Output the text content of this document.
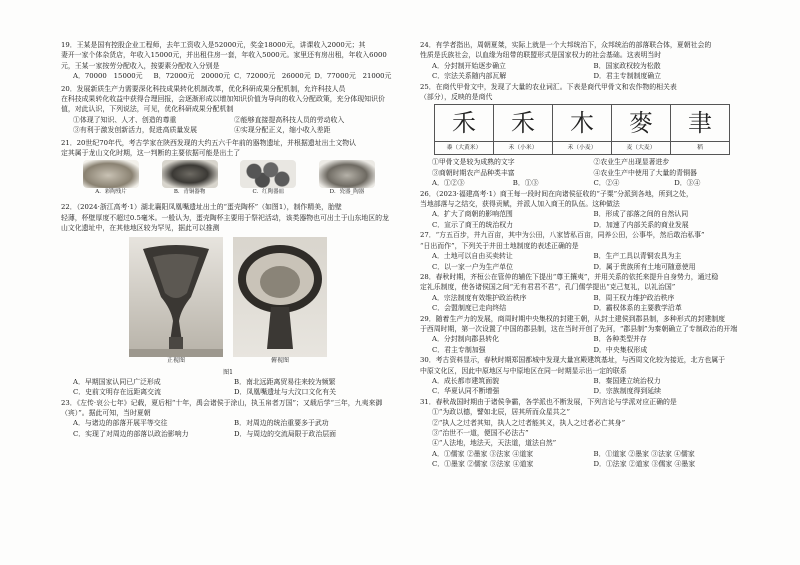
19．王某是国有控股企业工程师，去年工资收入是52000元，奖金18000元，讲课收入2000元；其

妻开一家个体杂货店，年收入15000元，并出租住房一套，年收入5000元。家里还有房出租，年收入6000元，王某一家按劳分配收入，按要素分配收入分别是

A．70000　15000元	B．72000元　20000元 C．72000元　26000元 D．77000元　21000元

20．发展新质生产力需要深化科技成果转化机制改革，优化科研成果分配机制，允许科技人员

在科技成果转化收益中获得合理回报，会逐渐形成以增加知识价值为导向的收入分配政策，充分体现知识价值，对此认识，下列说法，可见，优化科研成果分配机制

①体现了知识、人才、创造的尊重	②能够直接提高科技人员的劳动收入
③有利于激发创新活力，促进高质量发展	④实现分配正义，缩小收入差距

21．20世纪70年代，考古学家在陕西发现的大约五六千年前的器物遗址，并根据遗址出土文物认

定其属于龙山文化时期，这一判断的主要依据可能是出土了

A．彩陶残片	B．青铜器物	C．红陶器皿	D．瓷器_陶器

22．（2024·浙江高考·1）湖北襄阳凤凰嘴遗址出土的“蛋壳陶杯”（如图1），制作精美，胎壁

轻薄，杯壁厚度不超过0.5毫米。一般认为，蛋壳陶杯主要用于祭祀活动，该类器物也可出土于山东地区的龙山文化遗址中，在其他地区较为罕见，据此可以推测

正视图	俯视图
图1
A．早期国家认同已广泛形成	B．南北远距离贸易往来较为频繁
C．史前文明存在远距离交流	D．凤凰嘴遗址与大汶口文化有关

23．《左传·哀公七年》记载，夏后相“十年，禹会诸侯于涂山，执玉帛者万国”；又载后学“三年，九夷来御

（宾）”。据此可知，当时夏朝

A．与诸边的部落开展平等交往	B．对周边的统治重要多于武功
C．实现了对周边的部落以政治影响力	D．与周边的交流局限于政治层面

24．有学者指出，周朝夏桀，实际上就是一个大邦统治下，众邦统治的部落联合体，夏朝社会的

性质是氏族社会，以血缘为纽带的联盟形式是国家权力的社会基础。这表明当时

A．分封制开始逐步确立	B．国家政权较为松散
C．宗法关系随内部瓦解	D．君主专制制度确立

25．在商代甲骨文中，发现了大量的农业词汇。下表是商代甲骨文和农作物的相关表

（部分），反映的是商代

⽲	⽲	⽊	⿆	⾀
黍（大黄米）	禾（小米）	禾（小麦）	麦（大麦）	稻
①甲骨文是较为成熟的文字	②农业生产出现显著进步
③商朝时期农产品种类丰富	④农业生产中使用了大量的青铜器
A．①②③	B．①③	C．②④	D．③④

26．（2023·福建高考·1）商王每一段时间在向诸侯征收的“子粟”分派到各地，所到之处，

当地部落与之结交，获得贡赋，并派人加入商王的队伍。这种做法

A．扩大了商朝的影响范围	B．形成了部落之间的自然认同
C．宣示了商王的统治权力	D．加速了内部关系的商业发展

27．“方五百步，井九百亩，其中为公田，八家皆私百亩，同养公田，公事毕，然后敢治私事”

“日出而作”，下列关于井田土地制度的表述正确的是

A．土地可以自由买卖转让	B．生产工具以青铜农具为主
C．以一家一户为生产单位	D．属于贵族所有土地可随意使用

28．春秋时期，齐桓公在管仲的辅佐下提出“尊王攘夷”，并用关系的依托来提升自身势力，通过稳

定礼乐制度，使各诸侯国之间“无有君君不君”，孔门儒学提出“克己复礼，以礼治国”

A．宗法制度有效维护政治秩序	B．周王权力维护政治秩序
C．会盟制度已走向终结	D．霸权体系的主要教学沿革

29．随着生产力的发展，商周时期中央集权的封建王朝，从封土建侯到郡县制，多种形式的封建制度

于西周时期，第一次设置了中国的郡县制，这在当时开创了先河，“郡县制”为秦朝确立了专制政治的开端

A．分封制向郡县转化	B．各种类型并存
C．君主专制加强	D．中央集权形成

30．考古资料显示，春秋时期郑国都城中发现大量宫殿建筑基址，与西周文化较为接近，北方也属于

中原文化区，因此中原地区与中原地区在同一时期显示出一定的联系

A．成长都市建筑面貌	B．秦国建立统治权力
C．华夏认同不断增强	D．宗族制度得到延续

31．春秋战国时期由于诸侯争霸，各学派也不断发展，下列言论与学派对应正确的是

①“为政以德，譬如北辰，居其所而众星共之”
②“执人之过者其知，执人之过者能其义，执人之过者必亡其身”
③“治世不一道，便国不必法古”
④“人法地，地法天，天法道，道法自然”
A．①儒家 ②墨家 ③法家 ④道家	B．①道家 ②墨家 ③法家 ④儒家
C．①墨家 ②儒家 ③法家 ④道家	D．①法家 ②道家 ③儒家 ④墨家
